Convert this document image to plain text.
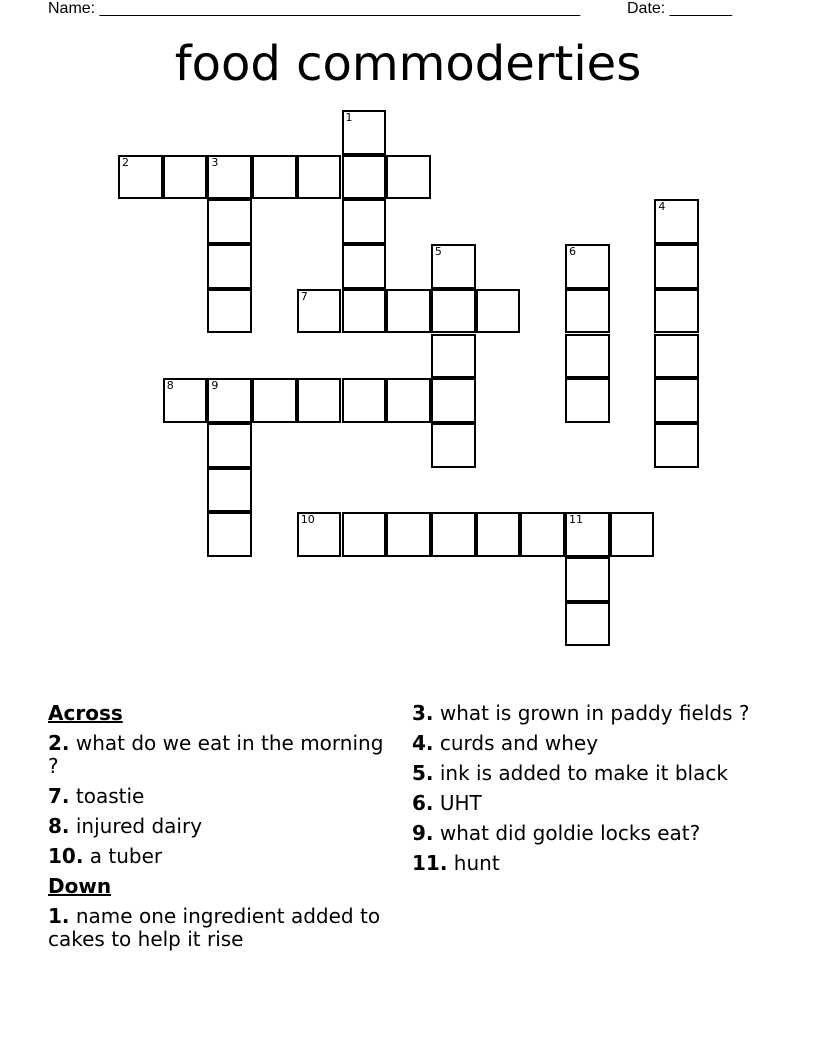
Name: ______________________________________________________	Date: _______
food commoderties
1
2	3
4
5	6
7
8	9
10	11
Across
2. what do we eat in the morning ?
7. toastie
8. injured dairy
10. a tuber
Down
1. name one ingredient added to cakes to help it rise
3. what is grown in paddy fields ?
4. curds and whey
5. ink is added to make it black
6. UHT
9. what did goldie locks eat?
11. hunt
